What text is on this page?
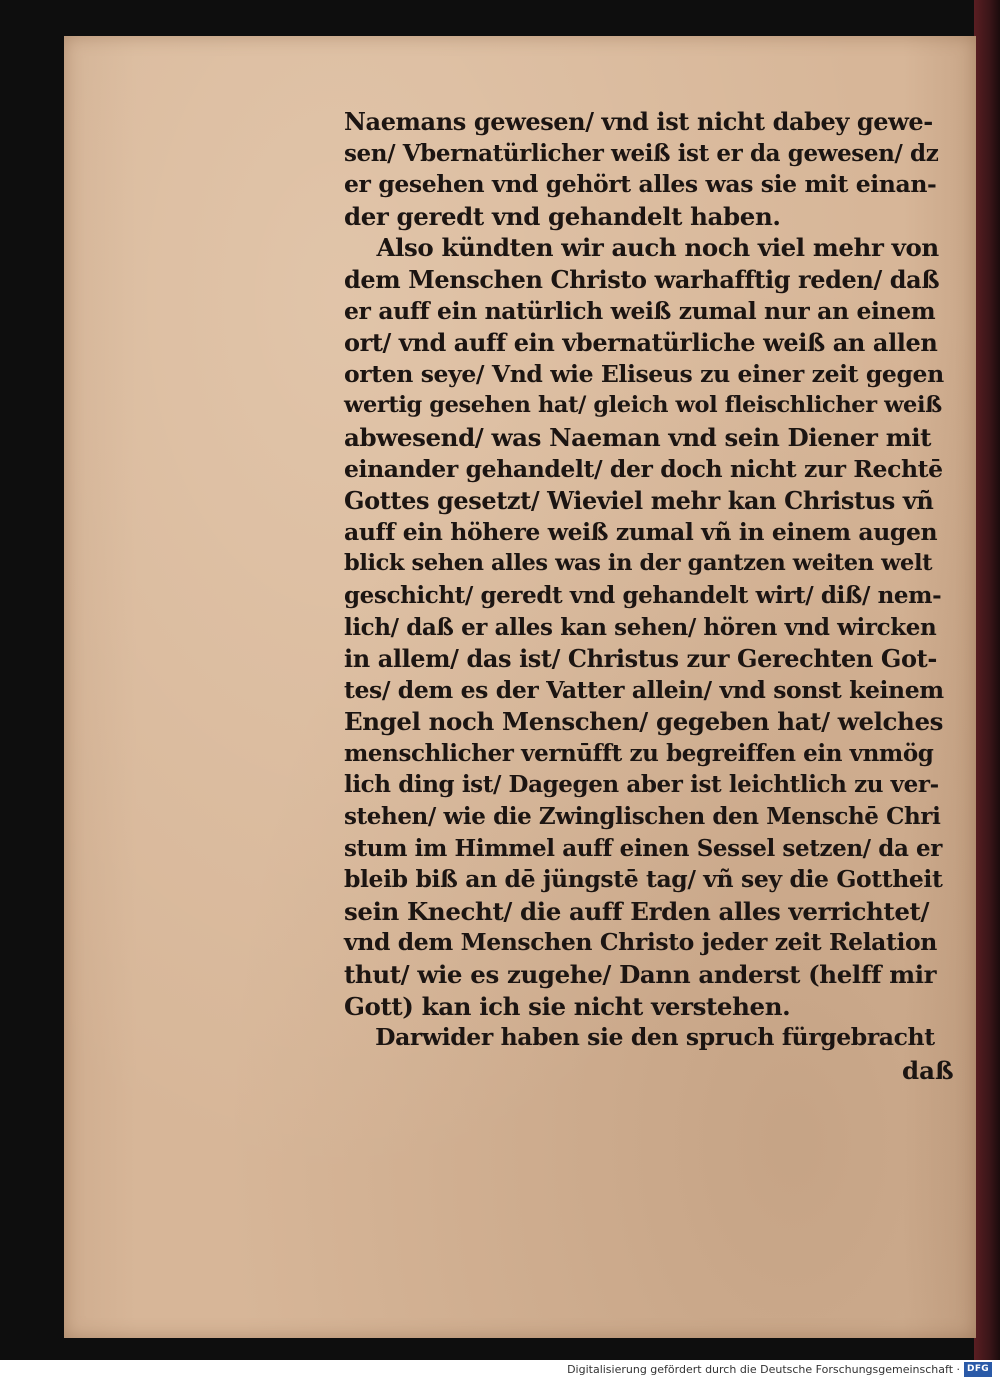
Naemans gewesen/ vnd ist nicht dabey gewe-
sen/ Vbernatürlicher weiß ist er da gewesen/ dz
er gesehen vnd gehört alles was sie mit einan-
der geredt vnd gehandelt haben.
Also kündten wir auch noch viel mehr von
dem Menschen Christo warhafftig reden/ daß
er auff ein natürlich weiß zumal nur an einem
ort/ vnd auff ein vbernatürliche weiß an allen
orten seye/ Vnd wie Eliseus zu einer zeit gegen
wertig gesehen hat/ gleich wol fleischlicher weiß
abwesend/ was Naeman vnd sein Diener mit
einander gehandelt/ der doch nicht zur Rechtē
Gottes gesetzt/ Wieviel mehr kan Christus vñ
auff ein höhere weiß zumal vñ in einem augen
blick sehen alles was in der gantzen weiten welt
geschicht/ geredt vnd gehandelt wirt/ diß/ nem-
lich/ daß er alles kan sehen/ hören vnd wircken
in allem/ das ist/ Christus zur Gerechten Got-
tes/ dem es der Vatter allein/ vnd sonst keinem
Engel noch Menschen/ gegeben hat/ welches
menschlicher vernūfft zu begreiffen ein vnmög
lich ding ist/ Dagegen aber ist leichtlich zu ver-
stehen/ wie die Zwinglischen den Menschē Chri
stum im Himmel auff einen Sessel setzen/ da er
bleib biß an dē jüngstē tag/ vñ sey die Gottheit
sein Knecht/ die auff Erden alles verrichtet/
vnd dem Menschen Christo jeder zeit Relation
thut/ wie es zugehe/ Dann anderst (helff mir
Gott) kan ich sie nicht verstehen.
Darwider haben sie den spruch fürgebracht
daß
Digitalisierung gefördert durch die Deutsche Forschungsgemeinschaft · DFG
